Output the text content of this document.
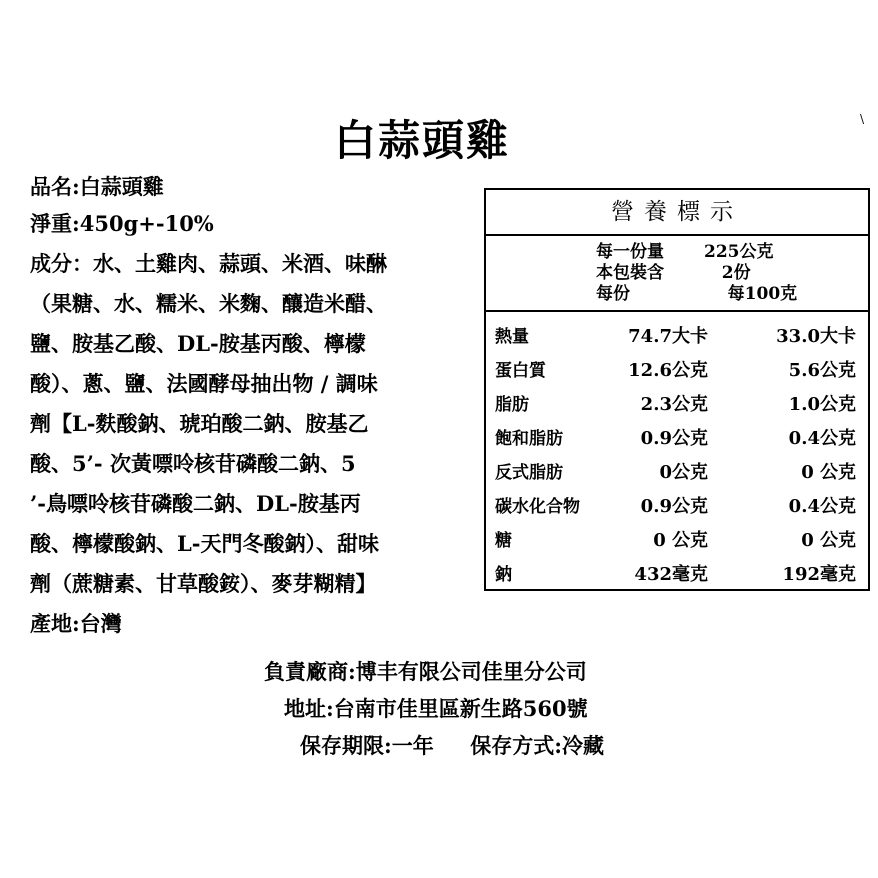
白蒜頭雞	\
品名:白蒜頭雞
淨重:450g+-10%
成分：水、土雞肉、蒜頭、米酒、味醂
（果糖、水、糯米、米麴、釀造米醋、
鹽、胺基乙酸、DL-胺基丙酸、檸檬
酸）、蔥、鹽、法國酵母抽出物 / 調味
劑【L-麩酸鈉、琥珀酸二鈉、胺基乙
酸、5’- 次黃嘌呤核苷磷酸二鈉、5
’-鳥嘌呤核苷磷酸二鈉、DL-胺基丙
酸、檸檬酸鈉、L-天門冬酸鈉）、甜味
劑（蔗糖素、甘草酸銨）、麥芽糊精】
產地:台灣
營養標示
每一份量 225公克
本包裝含 2份
每份	每100克
熱量	74.7大卡	33.0大卡
蛋白質	12.6公克	5.6公克
脂肪	2.3公克	1.0公克
飽和脂肪	0.9公克	0.4公克
反式脂肪	0公克	0 公克
碳水化合物	0.9公克	0.4公克
糖	0 公克	0 公克
鈉	432毫克	192毫克
負責廠商:博丰有限公司佳里分公司
地址:台南市佳里區新生路560號
保存期限:一年     保存方式:冷藏
